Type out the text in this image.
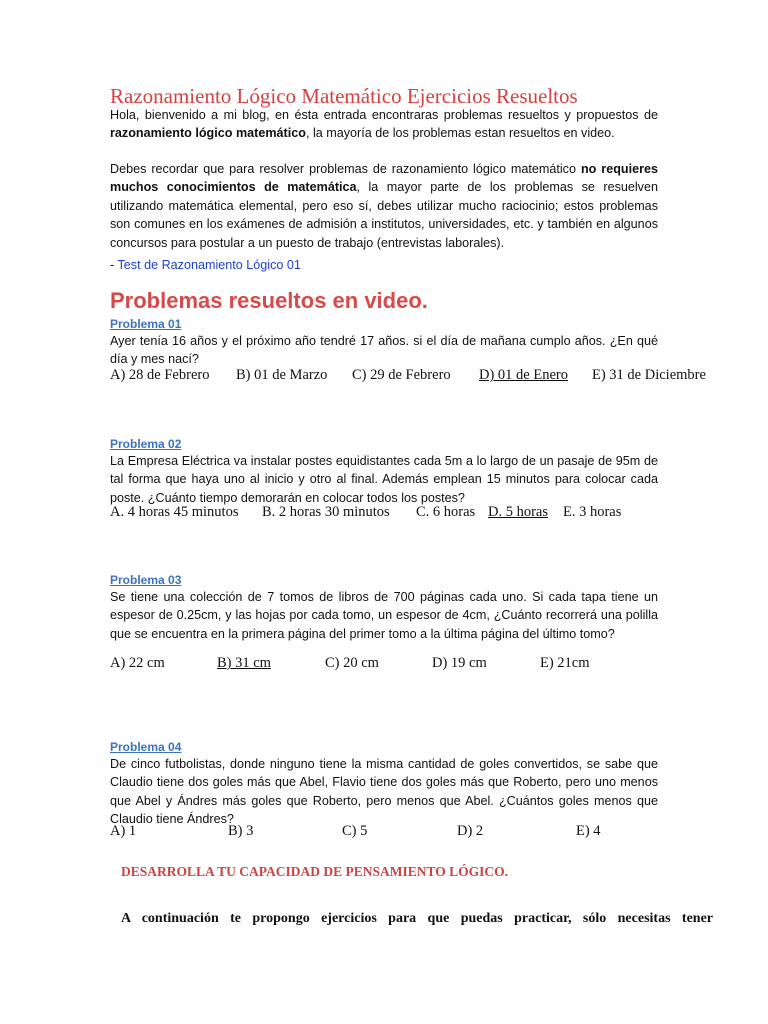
Razonamiento Lógico Matemático Ejercicios Resueltos

Hola, bienvenido a mi blog, en ésta entrada encontraras problemas resueltos y propuestos de razonamiento lógico matemático, la mayoría de los problemas estan resueltos en video.

Debes recordar que para resolver problemas de razonamiento lógico matemático no requieres muchos conocimientos de matemática, la mayor parte de los problemas se resuelven utilizando matemática elemental, pero eso sí, debes utilizar mucho raciocinio; estos problemas son comunes en los exámenes de admisión a institutos, universidades, etc. y también en algunos concursos para postular a un puesto de trabajo (entrevistas laborales).

- Test de Razonamiento Lógico 01
Problemas resueltos en video.

Problema 01

Ayer tenía 16 años y el próximo año tendré 17 años. si el día de mañana cumplo años. ¿En qué día y mes nací?

A) 28 de Febrero B) 01 de Marzo C) 29 de Febrero D) 01 de Enero E) 31 de Diciembre

Problema 02

La Empresa Eléctrica va instalar postes equidistantes cada 5m a lo largo de un pasaje de 95m de tal forma que haya uno al inicio y otro al final. Además emplean 15 minutos para colocar cada poste. ¿Cuánto tiempo demorarán en colocar todos los postes?

A. 4 horas 45 minutos B. 2 horas 30 minutos C. 6 horas D. 5 horas E. 3 horas

Problema 03

Se tiene una colección de 7 tomos de libros de 700 páginas cada uno. Si cada tapa tiene un espesor de 0.25cm, y las hojas por cada tomo, un espesor de 4cm, ¿Cuánto recorrerá una polilla que se encuentra en la primera página del primer tomo a la última página del último tomo?

A) 22 cm	B) 31 cm	C) 20 cm	D) 19 cm	E) 21cm

Problema 04

De cinco futbolistas, donde ninguno tiene la misma cantidad de goles convertidos, se sabe que Claudio tiene dos goles más que Abel, Flavio tiene dos goles más que Roberto, pero uno menos que Abel y Ándres más goles que Roberto, pero menos que Abel. ¿Cuántos goles menos que Claudio tiene Ándres?

A) 1	B) 3	C) 5	D) 2	E) 4

DESARROLLA TU CAPACIDAD DE PENSAMIENTO LÓGICO.

A continuación te propongo ejercicios para que puedas practicar, sólo necesitas tener
